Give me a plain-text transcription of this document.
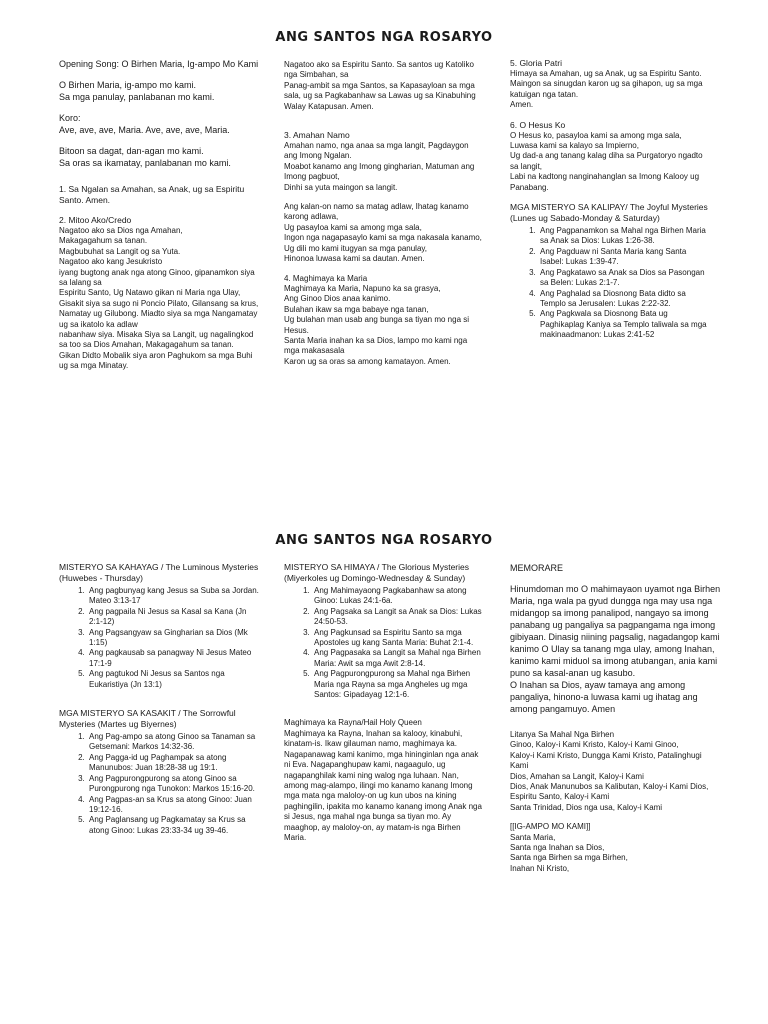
ANG SANTOS NGA ROSARYO

Opening Song: O Birhen Maria, Ig-ampo Mo Kami

O Birhen Maria, ig-ampo mo kami.

Sa mga panulay, panlabanan mo kami.

Koro:

Ave, ave, ave, Maria. Ave, ave, ave, Maria.

Bitoon sa dagat, dan-agan mo kami.

Sa oras sa ikamatay, panlabanan mo kami.

1. Sa Ngalan sa Amahan, sa Anak, ug sa Espiritu Santo. Amen.

2. Mitoo Ako/Credo

Nagatoo ako sa Dios nga Amahan,

Makagagahum sa tanan.

Magbubuhat sa Langit og sa Yuta.

Nagatoo ako kang Jesukristo

iyang bugtong anak nga atong Ginoo, gipanamkon siya sa lalang sa

Espiritu Santo, Ug Natawo gikan ni Maria nga Ulay, Gisakit siya sa sugo ni Poncio Pilato, Gilansang sa krus, Namatay ug Gilubong. Miadto siya sa mga Nangamatay ug sa ikatolo ka adlaw

nabanhaw siya. Misaka Siya sa Langit, ug nagalingkod sa too sa Dios Amahan, Makagagahum sa tanan.

Gikan Didto Mobalik siya aron Paghukom sa mga Buhi ug sa mga Minatay.

Nagatoo ako sa Espiritu Santo. Sa santos ug Katoliko nga Simbahan, sa

Panag-ambit sa mga Santos, sa Kapasayloan sa mga sala, ug sa Pagkabanhaw sa Lawas ug sa Kinabuhing Walay Katapusan. Amen.

3. Amahan Namo

Amahan namo, nga anaa sa mga langit, Pagdaygon ang Imong Ngalan.

Moabot kanamo ang Imong gingharian, Matuman ang Imong pagbuot,

Dinhi sa yuta maingon sa langit.

Ang kalan-on namo sa matag adlaw, Ihatag kanamo karong adlawa,

Ug pasayloa kami sa among mga sala,

Ingon nga nagapasaylo kami sa mga nakasala kanamo,

Ug dili mo kami itugyan sa mga panulay,

Hinonoa luwasa kami sa dautan. Amen.

4. Maghimaya ka Maria

Maghimaya ka Maria, Napuno ka sa grasya,

Ang Ginoo Dios anaa kanimo.

Bulahan ikaw sa mga babaye nga tanan,

Ug bulahan man usab ang bunga sa tiyan mo nga si Hesus.

Santa Maria inahan ka sa Dios, lampo mo kami nga mga makasasala

Karon ug sa oras sa among kamatayon. Amen.

5. Gloria Patri

Himaya sa Amahan, ug sa Anak, ug sa Espiritu Santo.

Maingon sa sinugdan karon ug sa gihapon, ug sa mga katuigan nga tatan.

Amen.

6. O Hesus Ko

O Hesus ko, pasayloa kami sa among mga sala,

Luwasa kami sa kalayo sa Impierno,

Ug dad-a ang tanang kalag diha sa Purgatoryo ngadto sa langit,

Labi na kadtong nanginahanglan sa Imong Kalooy ug Panabang.

MGA MISTERYO SA KALIPAY/ The Joyful Mysteries (Lunes ug Sabado-Monday & Saturday)

1. Ang Pagpanamkon sa Mahal nga Birhen Maria sa Anak sa Dios: Lukas 1:26-38.
2. Ang Pagduaw ni Santa Maria kang Santa Isabel: Lukas 1:39-47.
3. Ang Pagkatawo sa Anak sa Dios sa Pasongan sa Belen: Lukas 2:1-7.
4. Ang Paghalad sa Diosnong Bata didto sa Templo sa Jerusalen: Lukas 2:22-32.
5. Ang Pagkwala sa Diosnong Bata ug Paghikaplag Kaniya sa Templo taliwala sa mga makinaadmanon: Lukas 2:41-52
ANG SANTOS NGA ROSARYO

MISTERYO SA KAHAYAG / The Luminous Mysteries (Huwebes - Thursday)

1. Ang pagbunyag kang Jesus sa Suba sa Jordan. Mateo 3:13-17
2. Ang pagpaila Ni Jesus sa Kasal sa Kana (Jn 2:1-12)
3. Ang Pagsangyaw sa Gingharian sa Dios (Mk 1:15)
4. Ang pagkausab sa panagway Ni Jesus Mateo 17:1-9
5. Ang pagtukod Ni Jesus sa Santos nga Eukaristiya (Jn 13:1)

MGA MISTERYO SA KASAKIT / The Sorrowful Mysteries (Martes ug Biyernes)

1. Ang Pag-ampo sa atong Ginoo sa Tanaman sa Getsemani: Markos 14:32-36.
2. Ang Pagga-id ug Paghampak sa atong Manunubos: Juan 18:28-38 ug 19:1.
3. Ang Pagpurongpurong sa atong Ginoo sa Purongpurong nga Tunokon: Markos 15:16-20.
4. Ang Pagpas-an sa Krus sa atong Ginoo: Juan 19:12-16.
5. Ang Paglansang ug Pagkamatay sa Krus sa atong Ginoo: Lukas 23:33-34 ug 39-46.

MISTERYO SA HIMAYA / The Glorious Mysteries (Miyerkoles ug Domingo-Wednesday & Sunday)

1. Ang Mahimayaong Pagkabanhaw sa atong Ginoo: Lukas 24:1-6a.
2. Ang Pagsaka sa Langit sa Anak sa Dios: Lukas 24:50-53.
3. Ang Pagkunsad sa Espiritu Santo sa mga Apostoles ug kang Santa Maria: Buhat 2:1-4.
4. Ang Pagpasaka sa Langit sa Mahal nga Birhen Maria: Awit sa mga Awit 2:8-14.
5. Ang Pagpurongpurong sa Mahal nga Birhen Maria nga Rayna sa mga Angheles ug mga Santos: Gipadayag 12:1-6.

Maghimaya ka Rayna/Hail Holy Queen

Maghimaya ka Rayna, Inahan sa kalooy, kinabuhi, kinatam-is. Ikaw gilauman namo, maghimaya ka. Nagapanawag kami kanimo, mga hininginlan nga anak ni Eva. Nagapanghupaw kami, nagaagulo, ug nagapanghilak kami ning walog nga luhaan. Nan, among mag-alampo, ilingi mo kanamo kanang Imong mga mata nga maloloy-on ug kun ubos na kining paghingilin, ipakita mo kanamo kanang imong Anak nga si Jesus, nga mahal nga bunga sa tiyan mo. Ay maaghop, ay maloloy-on, ay matam-is nga Birhen Maria.

MEMORARE

Hinumdoman mo O mahimayaon uyamot nga Birhen Maria, nga wala pa gyud dungga nga may usa nga midangop sa imong panalipod, nangayo sa imong panabang ug pangaliya sa pagpangama nga imong gibiyaan. Dinasig niining pagsalig, nagadangop kami kanimo O Ulay sa tanang mga ulay, among Inahan, kanimo kami miduol sa imong atubangan, ania kami puno sa kasal-anan ug kasubo.

O Inahan sa Dios, ayaw tamaya ang among pangaliya, hinono-a luwasa kami ug ihatag ang among pangamuyo. Amen

Litanya Sa Mahal Nga Birhen

Ginoo, Kaloy-i Kami Kristo, Kaloy-i Kami Ginoo,

Kaloy-i Kami Kristo, Dungga Kami Kristo, Patalinghugi Kami

Dios, Amahan sa Langit, Kaloy-i Kami

Dios, Anak Manunubos sa Kalibutan, Kaloy-i Kami Dios,

Espiritu Santo, Kaloy-i Kami

Santa Trinidad, Dios nga usa, Kaloy-i Kami

[[IG-AMPO MO KAMI]]

Santa Maria,

Santa nga Inahan sa Dios,

Santa nga Birhen sa mga Birhen,

Inahan Ni Kristo,
